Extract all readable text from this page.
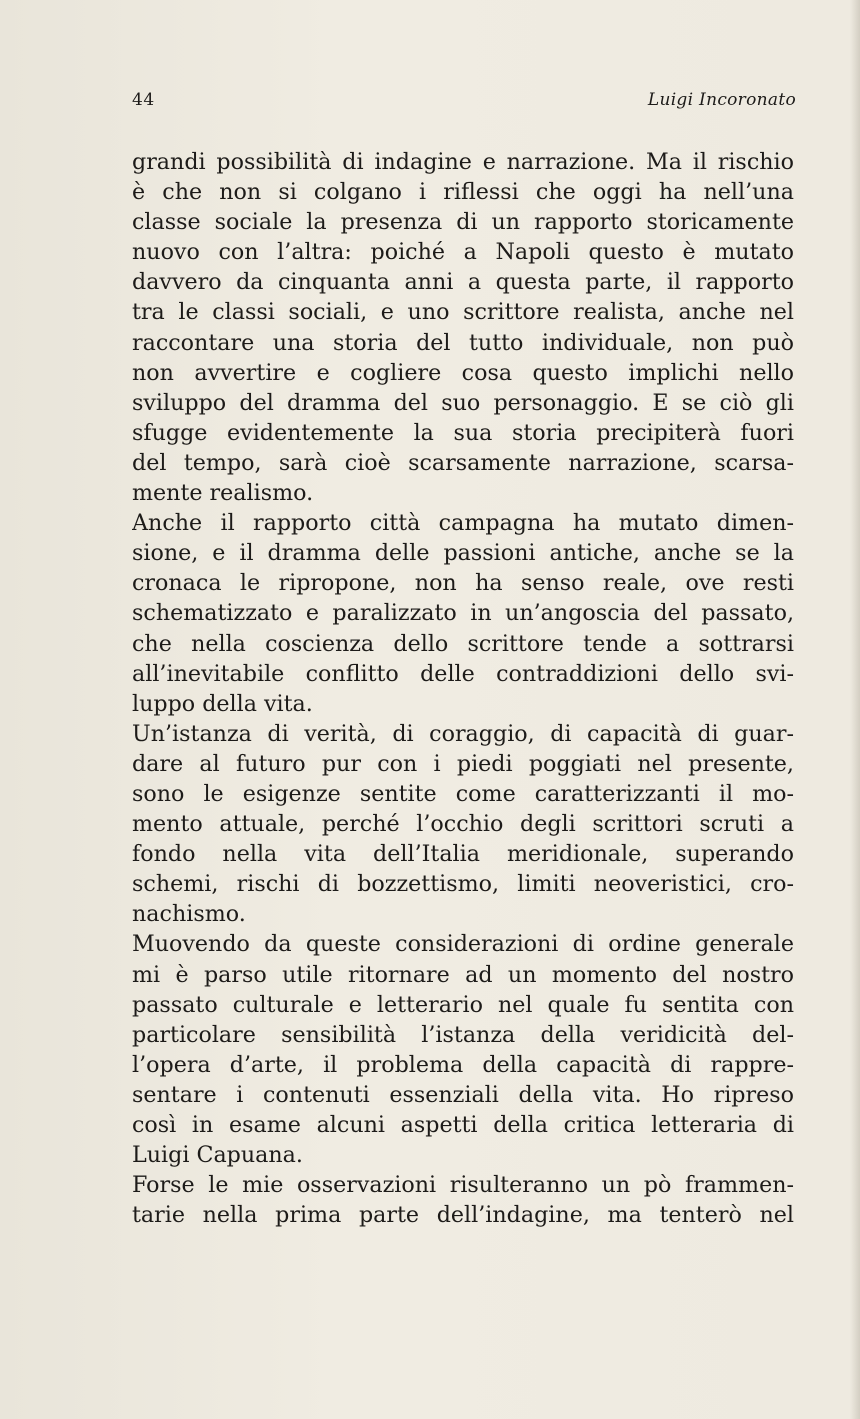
44	Luigi Incoronato
grandi possibilità di indagine e narrazione. Ma il rischio
è che non si colgano i riflessi che oggi ha nell’una
classe sociale la presenza di un rapporto storicamente
nuovo con l’altra: poiché a Napoli questo è mutato
davvero da cinquanta anni a questa parte, il rapporto
tra le classi sociali, e uno scrittore realista, anche nel
raccontare una storia del tutto individuale, non può
non avvertire e cogliere cosa questo implichi nello
sviluppo del dramma del suo personaggio. E se ciò gli
sfugge evidentemente la sua storia precipiterà fuori
del tempo, sarà cioè scarsamente narrazione, scarsa-
mente realismo.
Anche il rapporto città campagna ha mutato dimen-
sione, e il dramma delle passioni antiche, anche se la
cronaca le ripropone, non ha senso reale, ove resti
schematizzato e paralizzato in un’angoscia del passato,
che nella coscienza dello scrittore tende a sottrarsi
all’inevitabile conflitto delle contraddizioni dello svi-
luppo della vita.
Un’istanza di verità, di coraggio, di capacità di guar-
dare al futuro pur con i piedi poggiati nel presente,
sono le esigenze sentite come caratterizzanti il mo-
mento attuale, perché l’occhio degli scrittori scruti a
fondo nella vita dell’Italia meridionale, superando
schemi, rischi di bozzettismo, limiti neoveristici, cro-
nachismo.
Muovendo da queste considerazioni di ordine generale
mi è parso utile ritornare ad un momento del nostro
passato culturale e letterario nel quale fu sentita con
particolare sensibilità l’istanza della veridicità del-
l’opera d’arte, il problema della capacità di rappre-
sentare i contenuti essenziali della vita. Ho ripreso
così in esame alcuni aspetti della critica letteraria di
Luigi Capuana.
Forse le mie osservazioni risulteranno un pò frammen-
tarie nella prima parte dell’indagine, ma tenterò nel
